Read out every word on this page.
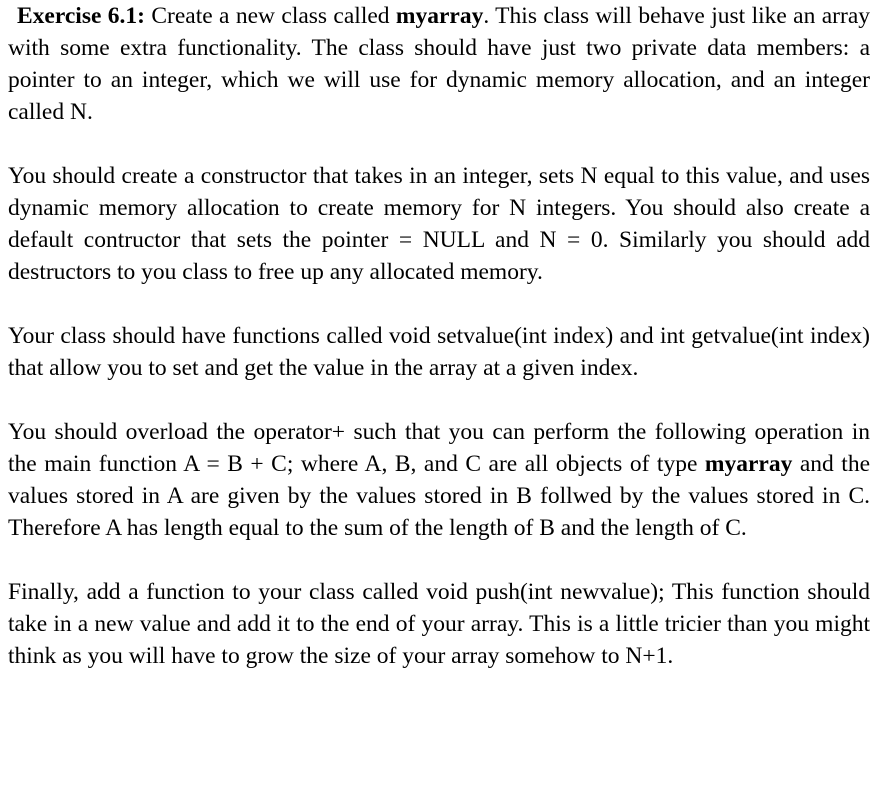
Exercise 6.1: Create a new class called myarray. This class will behave just like an array with some extra functionality. The class should have just two private data members: a pointer to an integer, which we will use for dynamic memory allocation, and an integer called N.

You should create a constructor that takes in an integer, sets N equal to this value, and uses dynamic memory allocation to create memory for N integers. You should also create a default contructor that sets the pointer = NULL and N = 0. Similarly you should add destructors to you class to free up any allocated memory.

Your class should have functions called void setvalue(int index) and int getvalue(int index) that allow you to set and get the value in the array at a given index.

You should overload the operator+ such that you can perform the following operation in the main function A = B + C; where A, B, and C are all objects of type myarray and the values stored in A are given by the values stored in B follwed by the values stored in C. Therefore A has length equal to the sum of the length of B and the length of C.

Finally, add a function to your class called void push(int newvalue); This function should take in a new value and add it to the end of your array. This is a little tricier than you might think as you will have to grow the size of your array somehow to N+1.
